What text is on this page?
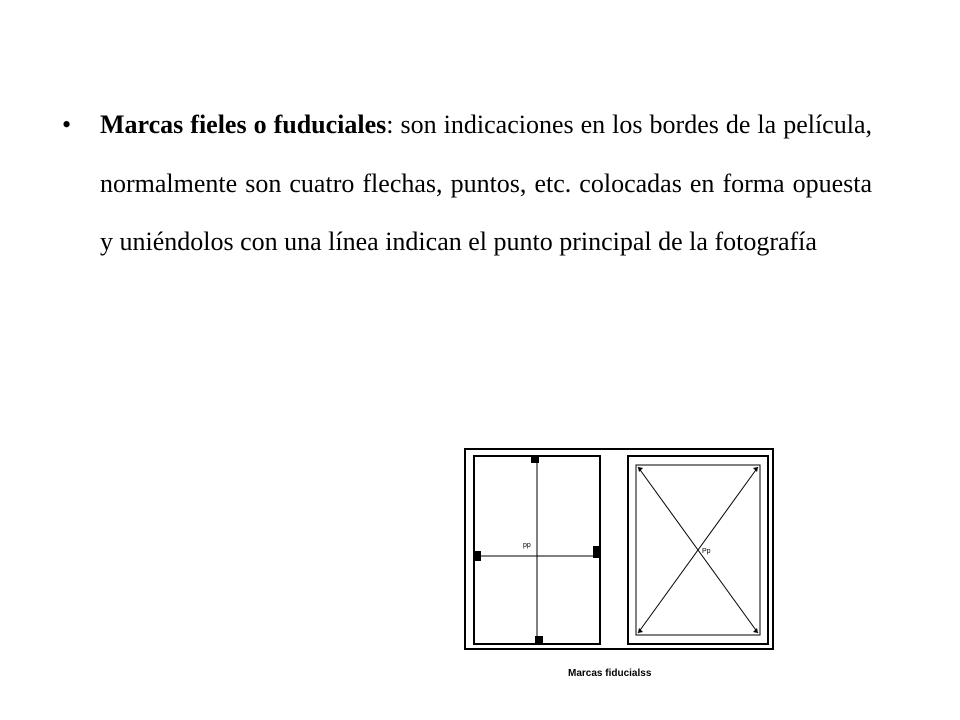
• Marcas fieles o fuduciales: son indicaciones en los bordes de la película, normalmente son cuatro flechas, puntos, etc. colocadas en forma opuesta y uniéndolos con una línea indican el punto principal de la fotografía
pp
Pp
Marcas fiducialss
